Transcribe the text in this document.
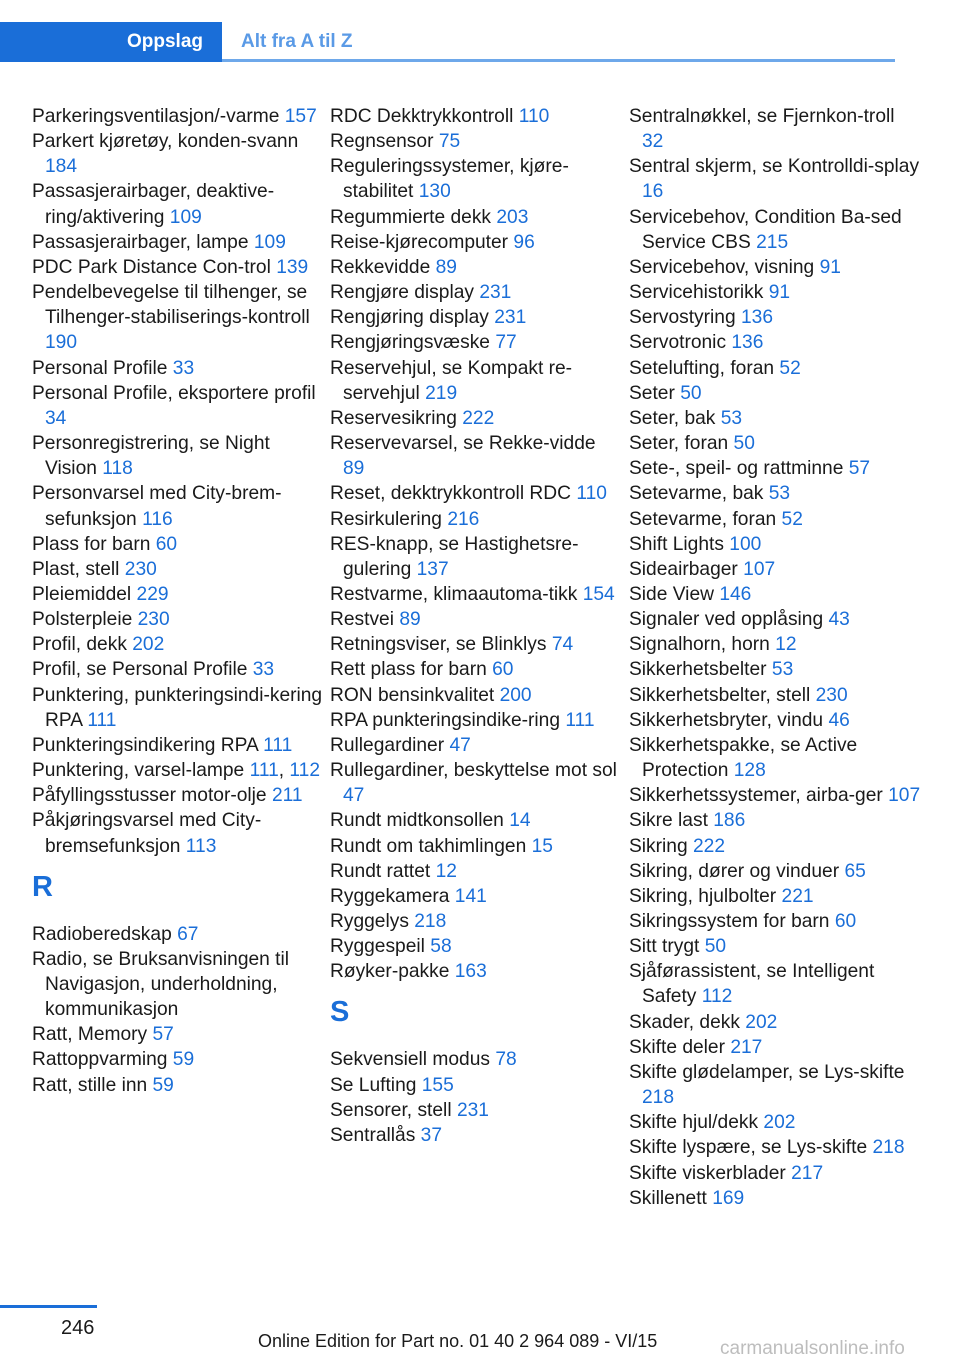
Oppslag	Alt fra A til Z
Parkeringsventilasjon/-varme 157
Parkert kjøretøy, konden-svann 184
Passasjerairbager, deaktive-ring/aktivering 109
Passasjerairbager, lampe 109
PDC Park Distance Con-trol 139
Pendelbevegelse til tilhenger, se Tilhenger-stabiliserings-kontroll 190
Personal Profile 33
Personal Profile, eksportere profil 34
Personregistrering, se Night Vision 118
Personvarsel med City-brem-sefunksjon 116
Plass for barn 60
Plast, stell 230
Pleiemiddel 229
Polsterpleie 230
Profil, dekk 202
Profil, se Personal Profile 33
Punktering, punkteringsindi-kering RPA 111
Punkteringsindikering RPA 111
Punktering, varsel-lampe 111, 112
Påfyllingsstusser motor-olje 211
Påkjøringsvarsel med City-bremsefunksjon 113
R
Radioberedskap 67
Radio, se Bruksanvisningen til Navigasjon, underholdning, kommunikasjon
Ratt, Memory 57
Rattoppvarming 59
Ratt, stille inn 59
RDC Dekktrykkontroll 110
Regnsensor 75
Reguleringssystemer, kjøre-stabilitet 130
Regummierte dekk 203
Reise-kjørecomputer 96
Rekkevidde 89
Rengjøre display 231
Rengjøring display 231
Rengjøringsvæske 77
Reservehjul, se Kompakt re-servehjul 219
Reservesikring 222
Reservevarsel, se Rekke-vidde 89
Reset, dekktrykkontroll RDC 110
Resirkulering 216
RES-knapp, se Hastighetsre-gulering 137
Restvarme, klimaautoma-tikk 154
Restvei 89
Retningsviser, se Blinklys 74
Rett plass for barn 60
RON bensinkvalitet 200
RPA punkteringsindike-ring 111
Rullegardiner 47
Rullegardiner, beskyttelse mot sol 47
Rundt midtkonsollen 14
Rundt om takhimlingen 15
Rundt rattet 12
Ryggekamera 141
Ryggelys 218
Ryggespeil 58
Røyker-pakke 163
S
Sekvensiell modus 78
Se Lufting 155
Sensorer, stell 231
Sentrallås 37
Sentralnøkkel, se Fjernkon-troll 32
Sentral skjerm, se Kontrolldi-splay 16
Servicebehov, Condition Ba-sed Service CBS 215
Servicebehov, visning 91
Servicehistorikk 91
Servostyring 136
Servotronic 136
Setelufting, foran 52
Seter 50
Seter, bak 53
Seter, foran 50
Sete-, speil- og rattminne 57
Setevarme, bak 53
Setevarme, foran 52
Shift Lights 100
Sideairbager 107
Side View 146
Signaler ved opplåsing 43
Signalhorn, horn 12
Sikkerhetsbelter 53
Sikkerhetsbelter, stell 230
Sikkerhetsbryter, vindu 46
Sikkerhetspakke, se Active Protection 128
Sikkerhetssystemer, airba-ger 107
Sikre last 186
Sikring 222
Sikring, dører og vinduer 65
Sikring, hjulbolter 221
Sikringssystem for barn 60
Sitt trygt 50
Sjåførassistent, se Intelligent Safety 112
Skader, dekk 202
Skifte deler 217
Skifte glødelamper, se Lys-skifte 218
Skifte hjul/dekk 202
Skifte lyspære, se Lys-skifte 218
Skifte viskerblader 217
Skillenett 169
246
Online Edition for Part no. 01 40 2 964 089 - VI/15	carmanualsonline.info
